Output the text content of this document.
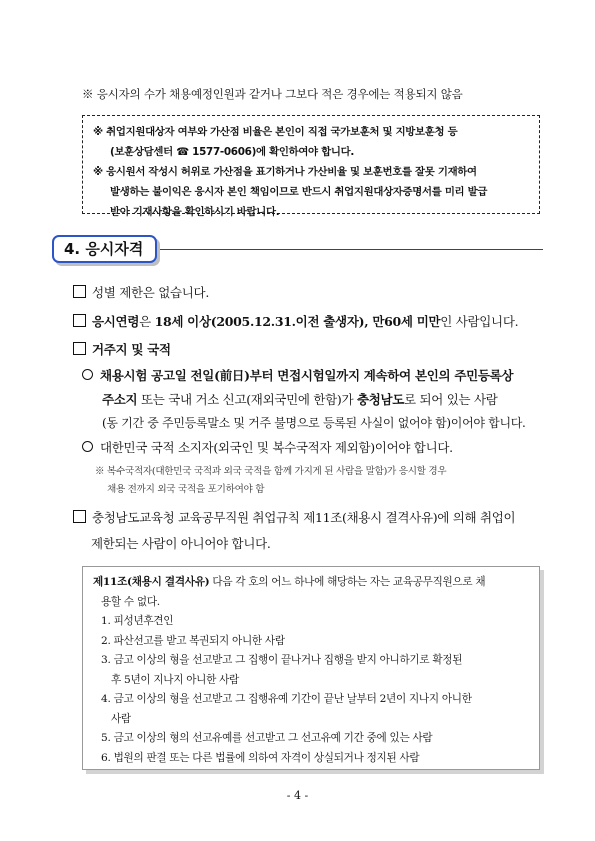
※ 응시자의 수가 채용예정인원과 같거나 그보다 적은 경우에는 적용되지 않음
※ 취업지원대상자 여부와 가산점 비율은 본인이 직접 국가보훈처 및 지방보훈청 등
(보훈상담센터 ☎ 1577-0606)에 확인하여야 합니다.
※ 응시원서 작성시 허위로 가산점을 표기하거나 가산비율 및 보훈번호를 잘못 기재하여
발생하는 불이익은 응시자 본인 책임이므로 반드시 취업지원대상자증명서를 미리 발급
받아 기재사항을 확인하시기 바랍니다.
4. 응시자격
성별 제한은 없습니다.
응시연령은 18세 이상(2005.12.31.이전 출생자), 만60세 미만인 사람입니다.
거주지 및 국적
채용시험 공고일 전일(前日)부터 면접시험일까지 계속하여 본인의 주민등록상
주소지 또는 국내 거소 신고(재외국민에 한함)가 충청남도로 되어 있는 사람
(동 기간 중 주민등록말소 및 거주 불명으로 등록된 사실이 없어야 함)이어야 합니다.
대한민국 국적 소지자(외국인 및 복수국적자 제외함)이어야 합니다.
※ 복수국적자(대한민국 국적과 외국 국적을 함께 가지게 된 사람을 말함)가 응시할 경우
채용 전까지 외국 국적을 포기하여야 함
충청남도교육청 교육공무직원 취업규칙 제11조(채용시 결격사유)에 의해 취업이
제한되는 사람이 아니어야 합니다.
제11조(채용시 결격사유) 다음 각 호의 어느 하나에 해당하는 자는 교육공무직원으로 채
용할 수 없다.
1. 피성년후견인
2. 파산선고를 받고 복권되지 아니한 사람
3. 금고 이상의 형을 선고받고 그 집행이 끝나거나 집행을 받지 아니하기로 확정된
후 5년이 지나지 아니한 사람
4. 금고 이상의 형을 선고받고 그 집행유예 기간이 끝난 날부터 2년이 지나지 아니한
사람
5. 금고 이상의 형의 선고유예를 선고받고 그 선고유예 기간 중에 있는 사람
6. 법원의 판결 또는 다른 법률에 의하여 자격이 상실되거나 정지된 사람
- 4 -
